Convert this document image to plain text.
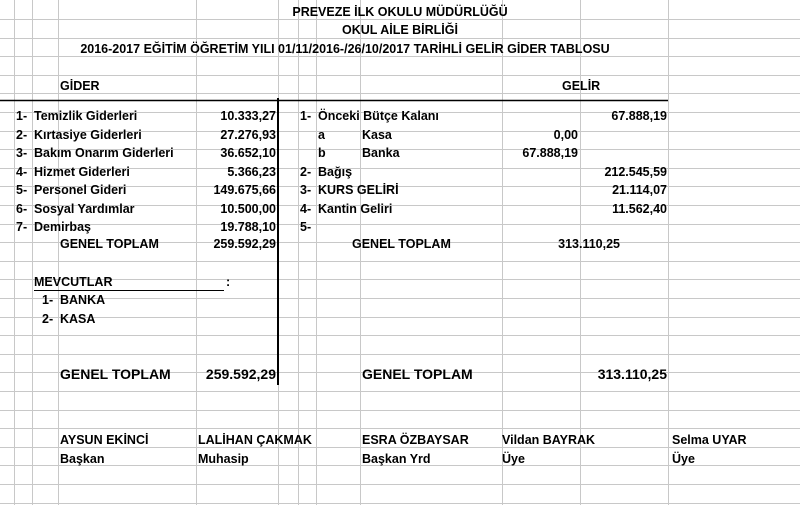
PREVEZE İLK OKULU MÜDÜRLÜĞÜ
OKUL AİLE BİRLİĞİ
2016-2017 EĞİTİM ÖĞRETİM YILI 01/11/2016-/26/10/2017 TARİHLİ GELİR GİDER TABLOSU
GİDER	GELİR
1- Temizlik Giderleri	10.333,27
2- Kırtasiye Giderleri	27.276,93
3- Bakım Onarım Giderleri	36.652,10
4- Hizmet Giderleri	5.366,23
5- Personel Gideri	149.675,66
6- Sosyal Yardımlar	10.500,00
7- Demirbaş	19.788,10
GENEL TOPLAM	259.592,29
1- Önceki Bütçe Kalanı	67.888,19
a	Kasa	0,00
b	Banka	67.888,19
2- Bağış	212.545,59
3- KURS GELİRİ	21.114,07
4- Kantin Geliri	11.562,40
5-
GENEL TOPLAM	313.110,25
MEVCUTLAR	:
1- BANKA
2- KASA
GENEL TOPLAM	259.592,29	GENEL TOPLAM	313.110,25
AYSUN EKİNCİ
Başkan
LALİHAN ÇAKMAK
Muhasip
ESRA ÖZBAYSAR
Başkan Yrd
Vildan BAYRAK
Üye
Selma UYAR
Üye
